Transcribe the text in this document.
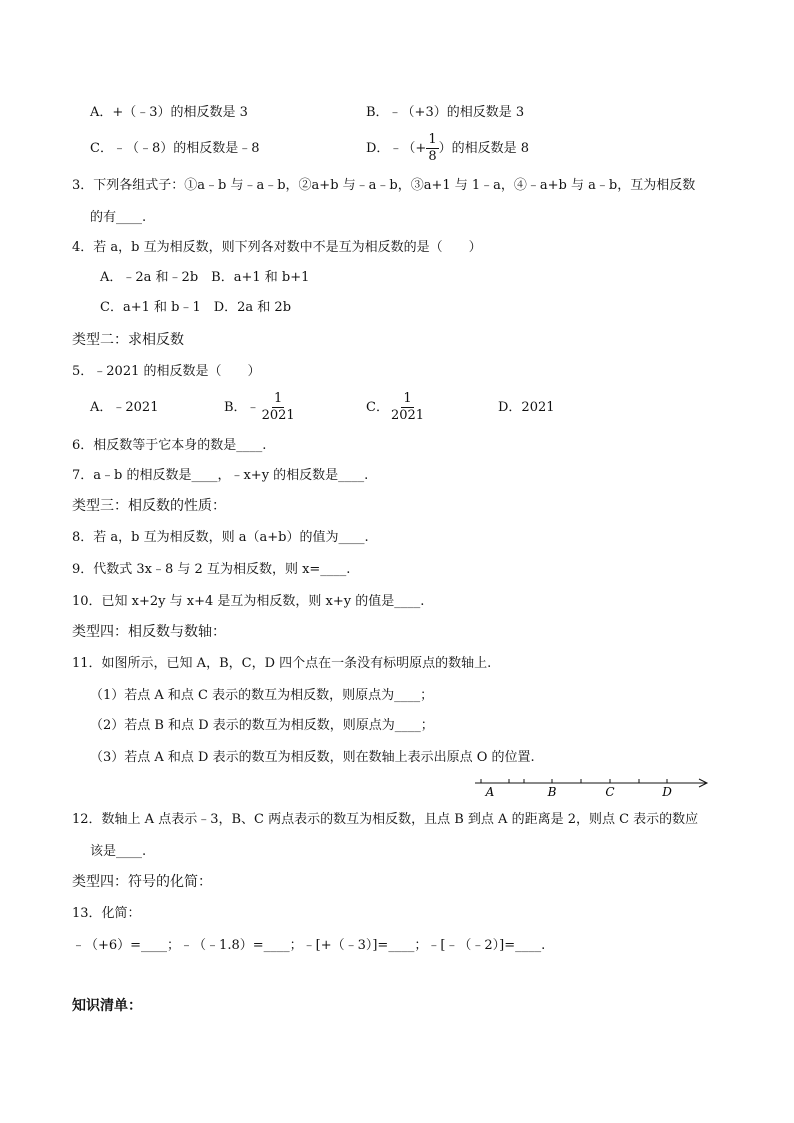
A．+（﹣3）的相反数是 3	B．﹣（+3）的相反数是 3
C．﹣（﹣8）的相反数是﹣8	D．﹣（+ $\frac{1}{8}$ ）的相反数是 8
3．下列各组式子：①a﹣b 与﹣a﹣b，②a+b 与﹣a﹣b，③a+1 与 1﹣a，④﹣a+b 与 a﹣b，互为相反数
的有____.
4．若 a，b 互为相反数，则下列各对数中不是互为相反数的是（　　）
A．﹣2a 和﹣2b　B．a+1 和 b+1
C．a+1 和 b﹣1　D．2a 和 2b
类型二：求相反数
5．﹣2021 的相反数是（　　）
A．﹣2021	B．﹣ $\frac{1}{2021}$	C． $\frac{1}{2021}$	D．2021
6．相反数等于它本身的数是____.
7．a﹣b 的相反数是____，﹣x+y 的相反数是____.
类型三：相反数的性质：
8．若 a，b 互为相反数，则 a（a+b）的值为____.
9．代数式 3x﹣8 与 2 互为相反数，则 x=____.
10．已知 x+2y 与 x+4 是互为相反数，则 x+y 的值是____.
类型四：相反数与数轴：
11．如图所示，已知 A，B，C，D 四个点在一条没有标明原点的数轴上.
（1）若点 A 和点 C 表示的数互为相反数，则原点为____；
（2）若点 B 和点 D 表示的数互为相反数，则原点为____；
（3）若点 A 和点 D 表示的数互为相反数，则在数轴上表示出原点 O 的位置.
A	B	C	D
12．数轴上 A 点表示﹣3，B、C 两点表示的数互为相反数，且点 B 到点 A 的距离是 2，则点 C 表示的数应
该是____.
类型四：符号的化简：
13．化简：
﹣（+6）=____；﹣（﹣1.8）=____；﹣[+（﹣3）]=____；﹣[﹣（﹣2）]=____.
知识清单：
